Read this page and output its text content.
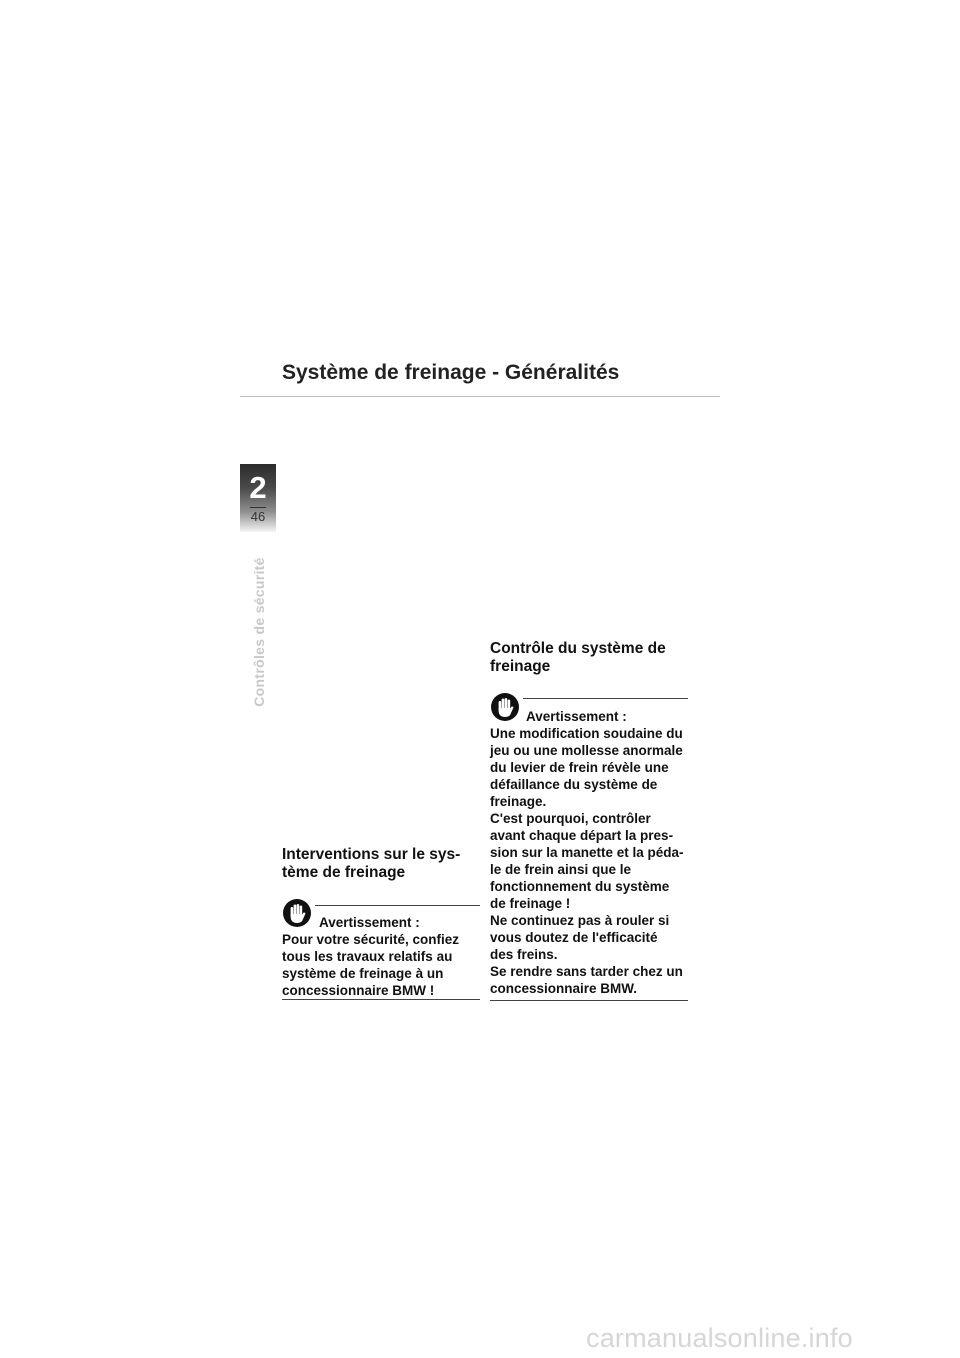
Système de freinage - Généralités
2
46
Contrôles de sécurité
Interventions sur le sys-
tème de freinage
Avertissement :

Pour votre sécurité, confiez
tous les travaux relatifs au
système de freinage à un
concessionnaire BMW !

Contrôle du système de
freinage
Avertissement :

Une modification soudaine du
jeu ou une mollesse anormale
du levier de frein révèle une
défaillance du système de
freinage.
C'est pourquoi, contrôler
avant chaque départ la pres-
sion sur la manette et la péda-
le de frein ainsi que le
fonctionnement du système
de freinage !
Ne continuez pas à rouler si
vous doutez de l'efficacité
des freins.
Se rendre sans tarder chez un
concessionnaire BMW.

carmanualsonline.info
